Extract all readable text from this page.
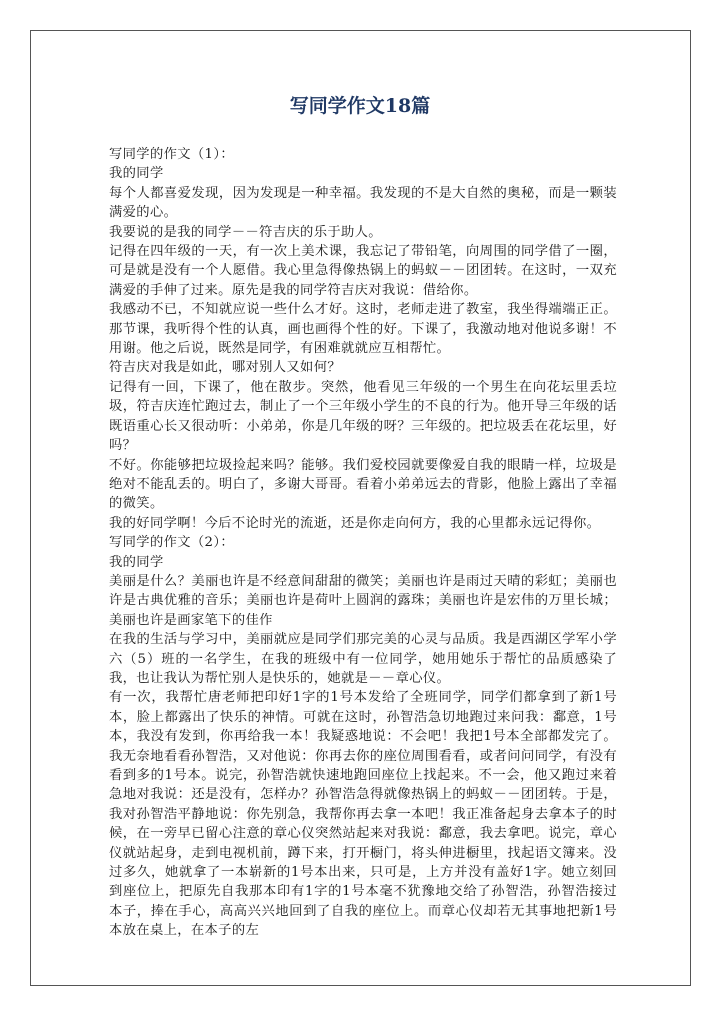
写同学作文18篇

写同学的作文（1）：

我的同学

每个人都喜爱发现，因为发现是一种幸福。我发现的不是大自然的奥秘，而是一颗装满爱的心。

我要说的是我的同学－－符吉庆的乐于助人。

记得在四年级的一天，有一次上美术课，我忘记了带铅笔，向周围的同学借了一圈，可是就是没有一个人愿借。我心里急得像热锅上的蚂蚁－－团团转。在这时，一双充满爱的手伸了过来。原先是我的同学符吉庆对我说：借给你。

我感动不已，不知就应说一些什么才好。这时，老师走进了教室，我坐得端端正正。那节课，我听得个性的认真，画也画得个性的好。下课了，我激动地对他说多谢！不用谢。他之后说，既然是同学，有困难就就应互相帮忙。

符吉庆对我是如此，哪对别人又如何？

记得有一回，下课了，他在散步。突然，他看见三年级的一个男生在向花坛里丢垃圾，符吉庆连忙跑过去，制止了一个三年级小学生的不良的行为。他开导三年级的话既语重心长又很动听：小弟弟，你是几年级的呀？三年级的。把垃圾丢在花坛里，好吗？

不好。你能够把垃圾捡起来吗？能够。我们爱校园就要像爱自我的眼睛一样，垃圾是绝对不能乱丢的。明白了，多谢大哥哥。看着小弟弟远去的背影，他脸上露出了幸福的微笑。

我的好同学啊！今后不论时光的流逝，还是你走向何方，我的心里都永远记得你。

写同学的作文（2）：

我的同学

美丽是什么？美丽也许是不经意间甜甜的微笑；美丽也许是雨过天晴的彩虹；美丽也许是古典优雅的音乐；美丽也许是荷叶上圆润的露珠；美丽也许是宏伟的万里长城；美丽也许是画家笔下的佳作

在我的生活与学习中，美丽就应是同学们那完美的心灵与品质。我是西湖区学军小学六（5）班的一名学生，在我的班级中有一位同学，她用她乐于帮忙的品质感染了我，也让我认为帮忙别人是快乐的，她就是－－章心仪。

有一次，我帮忙唐老师把印好1字的1号本发给了全班同学，同学们都拿到了新1号本，脸上都露出了快乐的神情。可就在这时，孙智浩急切地跑过来问我：鄱意，1号本，我没有发到，你再给我一本！我疑惑地说：不会吧！我把1号本全部都发完了。我无奈地看看孙智浩，又对他说：你再去你的座位周围看看，或者问问同学，有没有看到多的1号本。说完，孙智浩就快速地跑回座位上找起来。不一会，他又跑过来着急地对我说：还是没有，怎样办？孙智浩急得就像热锅上的蚂蚁－－团团转。于是，我对孙智浩平静地说：你先别急，我帮你再去拿一本吧！我正准备起身去拿本子的时候，在一旁早已留心注意的章心仪突然站起来对我说：鄱意，我去拿吧。说完，章心仪就站起身，走到电视机前，蹲下来，打开橱门，将头伸进橱里，找起语文簿来。没过多久，她就拿了一本崭新的1号本出来，只可是，上方并没有盖好1字。她立刻回到座位上，把原先自我那本印有1字的1号本毫不犹豫地交给了孙智浩，孙智浩接过本子，捧在手心，高高兴兴地回到了自我的座位上。而章心仪却若无其事地把新1号本放在桌上，在本子的左
